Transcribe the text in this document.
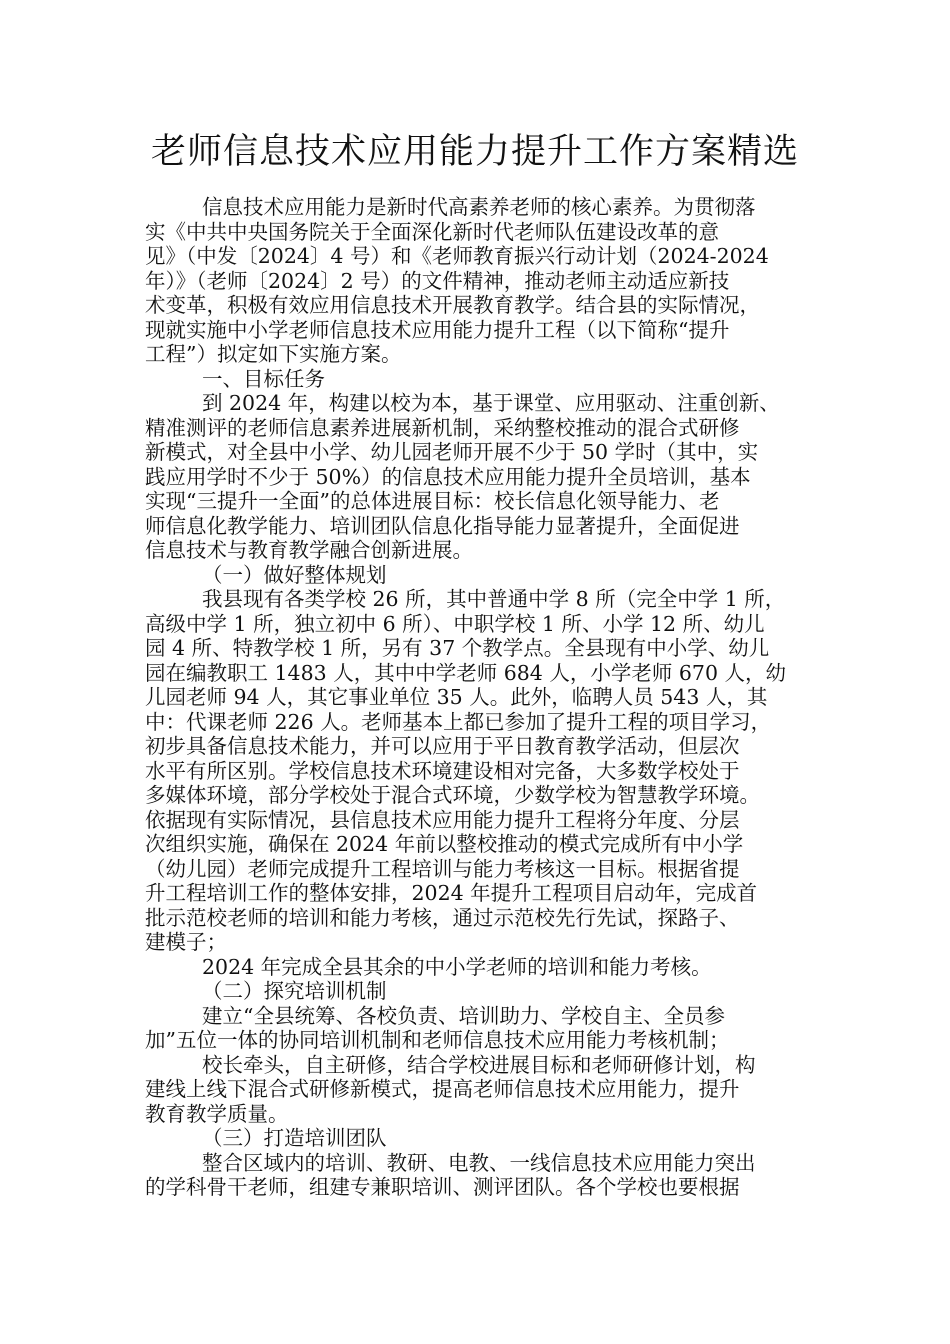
老师信息技术应用能力提升工作方案精选
信息技术应用能力是新时代高素养老师的核心素养。为贯彻落
实《中共中央国务院关于全面深化新时代老师队伍建设改革的意
见》（中发〔2024〕4 号）和《老师教育振兴行动计划（2024-2024
年）》（老师〔2024〕2 号）的文件精神，推动老师主动适应新技
术变革，积极有效应用信息技术开展教育教学。结合县的实际情况，
现就实施中小学老师信息技术应用能力提升工程（以下简称“提升
工程”）拟定如下实施方案。
一、目标任务
到 2024 年，构建以校为本，基于课堂、应用驱动、注重创新、
精准测评的老师信息素养进展新机制，采纳整校推动的混合式研修
新模式，对全县中小学、幼儿园老师开展不少于 50 学时（其中，实
践应用学时不少于 50%）的信息技术应用能力提升全员培训，基本
实现“三提升一全面”的总体进展目标：校长信息化领导能力、老
师信息化教学能力、培训团队信息化指导能力显著提升，全面促进
信息技术与教育教学融合创新进展。
（一）做好整体规划
我县现有各类学校 26 所，其中普通中学 8 所（完全中学 1 所，
高级中学 1 所，独立初中 6 所）、中职学校 1 所、小学 12 所、幼儿
园 4 所、特教学校 1 所，另有 37 个教学点。全县现有中小学、幼儿
园在编教职工 1483 人，其中中学老师 684 人，小学老师 670 人，幼
儿园老师 94 人，其它事业单位 35 人。此外，临聘人员 543 人，其
中：代课老师 226 人。老师基本上都已参加了提升工程的项目学习，
初步具备信息技术能力，并可以应用于平日教育教学活动，但层次
水平有所区别。学校信息技术环境建设相对完备，大多数学校处于
多媒体环境，部分学校处于混合式环境，少数学校为智慧教学环境。
依据现有实际情况，县信息技术应用能力提升工程将分年度、分层
次组织实施，确保在 2024 年前以整校推动的模式完成所有中小学
（幼儿园）老师完成提升工程培训与能力考核这一目标。根据省提
升工程培训工作的整体安排，2024 年提升工程项目启动年，完成首
批示范校老师的培训和能力考核，通过示范校先行先试，探路子、
建模子；
2024 年完成全县其余的中小学老师的培训和能力考核。
（二）探究培训机制
建立“全县统筹、各校负责、培训助力、学校自主、全员参
加”五位一体的协同培训机制和老师信息技术应用能力考核机制；
校长牵头，自主研修，结合学校进展目标和老师研修计划，构
建线上线下混合式研修新模式，提高老师信息技术应用能力，提升
教育教学质量。
（三）打造培训团队
整合区域内的培训、教研、电教、一线信息技术应用能力突出
的学科骨干老师，组建专兼职培训、测评团队。各个学校也要根据
